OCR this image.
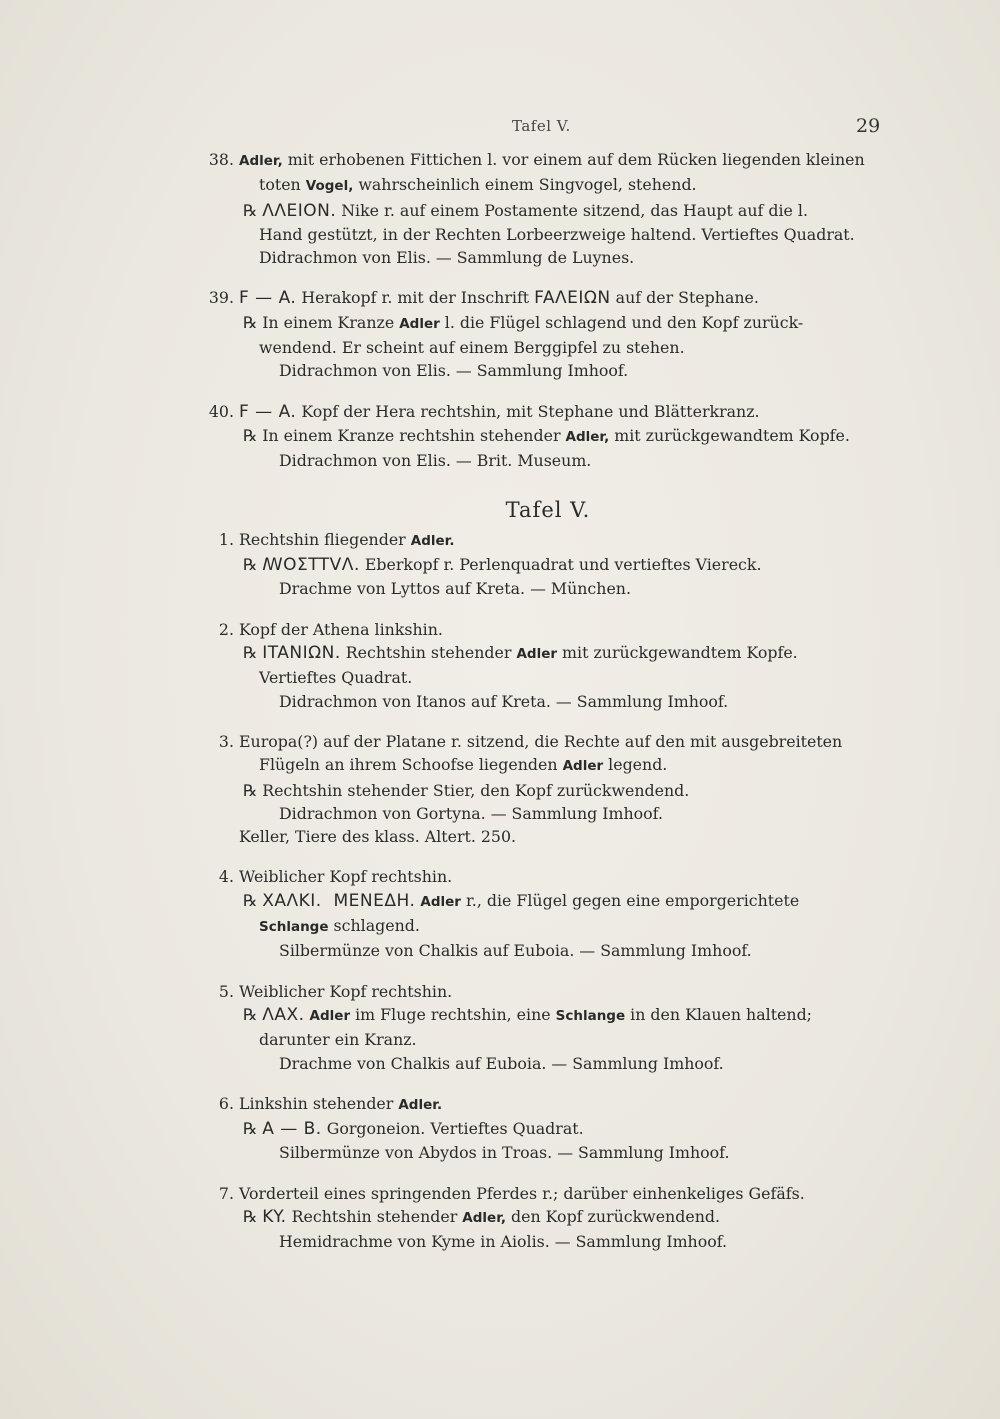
Tafel V.	29
38. Adler, mit erhobenen Fittichen l. vor einem auf dem Rücken liegenden kleinen
toten Vogel, wahrscheinlich einem Singvogel, stehend.
℞ ΛΛΕΙΟΝ. Nike r. auf einem Postamente sitzend, das Haupt auf die l.
Hand gestützt, in der Rechten Lorbeerzweige haltend. Vertieftes Quadrat.
Didrachmon von Elis. — Sammlung de Luynes.
39. F — A. Herakopf r. mit der Inschrift FAΛΕΙΩΝ auf der Stephane.
℞ In einem Kranze Adler l. die Flügel schlagend und den Kopf zurück-
wendend. Er scheint auf einem Berggipfel zu stehen.
Didrachmon von Elis. — Sammlung Imhoof.
40. F — A. Kopf der Hera rechtshin, mit Stephane und Blätterkranz.
℞ In einem Kranze rechtshin stehender Adler, mit zurückgewandtem Kopfe.
Didrachmon von Elis. — Brit. Museum.
Tafel V.
1. Rechtshin fliegender Adler.
℞ ꟿOΣTTVΛ. Eberkopf r. Perlenquadrat und vertieftes Viereck.
Drachme von Lyttos auf Kreta. — München.
2. Kopf der Athena linkshin.
℞ ITANIΩN. Rechtshin stehender Adler mit zurückgewandtem Kopfe.
Vertieftes Quadrat.
Didrachmon von Itanos auf Kreta. — Sammlung Imhoof.
3. Europa(?) auf der Platane r. sitzend, die Rechte auf den mit ausgebreiteten
Flügeln an ihrem Schoofse liegenden Adler legend.
℞ Rechtshin stehender Stier, den Kopf zurückwendend.
Didrachmon von Gortyna. — Sammlung Imhoof.
Keller, Tiere des klass. Altert. 250.
4. Weiblicher Kopf rechtshin.
℞ XAΛKI.  MENEΔH. Adler r., die Flügel gegen eine emporgerichtete
Schlange schlagend.
Silbermünze von Chalkis auf Euboia. — Sammlung Imhoof.
5. Weiblicher Kopf rechtshin.
℞ ΛAX. Adler im Fluge rechtshin, eine Schlange in den Klauen haltend;
darunter ein Kranz.
Drachme von Chalkis auf Euboia. — Sammlung Imhoof.
6. Linkshin stehender Adler.
℞ A — B. Gorgoneion. Vertieftes Quadrat.
Silbermünze von Abydos in Troas. — Sammlung Imhoof.
7. Vorderteil eines springenden Pferdes r.; darüber einhenkeliges Gefäfs.
℞ KY. Rechtshin stehender Adler, den Kopf zurückwendend.
Hemidrachme von Kyme in Aiolis. — Sammlung Imhoof.
